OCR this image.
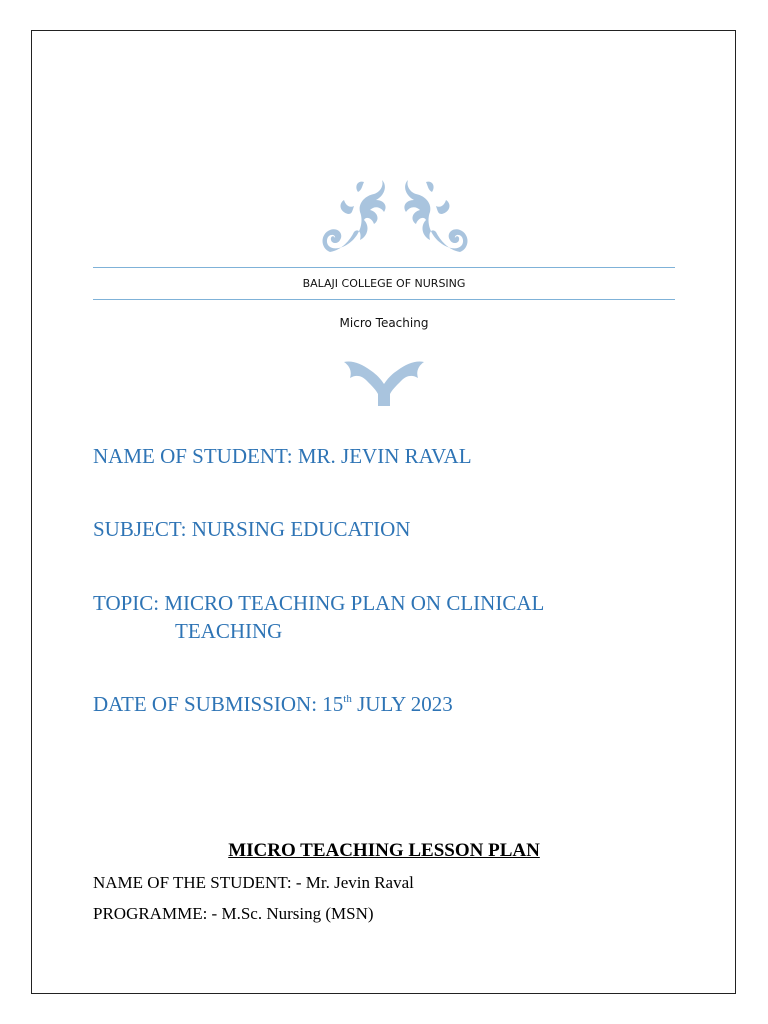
BALAJI COLLEGE OF NURSING
Micro Teaching
NAME OF STUDENT: MR. JEVIN RAVAL
SUBJECT: NURSING EDUCATION
TOPIC: MICRO TEACHING PLAN ON CLINICAL
TEACHING
DATE OF SUBMISSION: 15th JULY 2023
MICRO TEACHING LESSON PLAN
NAME OF THE STUDENT: - Mr. Jevin Raval
PROGRAMME: - M.Sc. Nursing (MSN)
